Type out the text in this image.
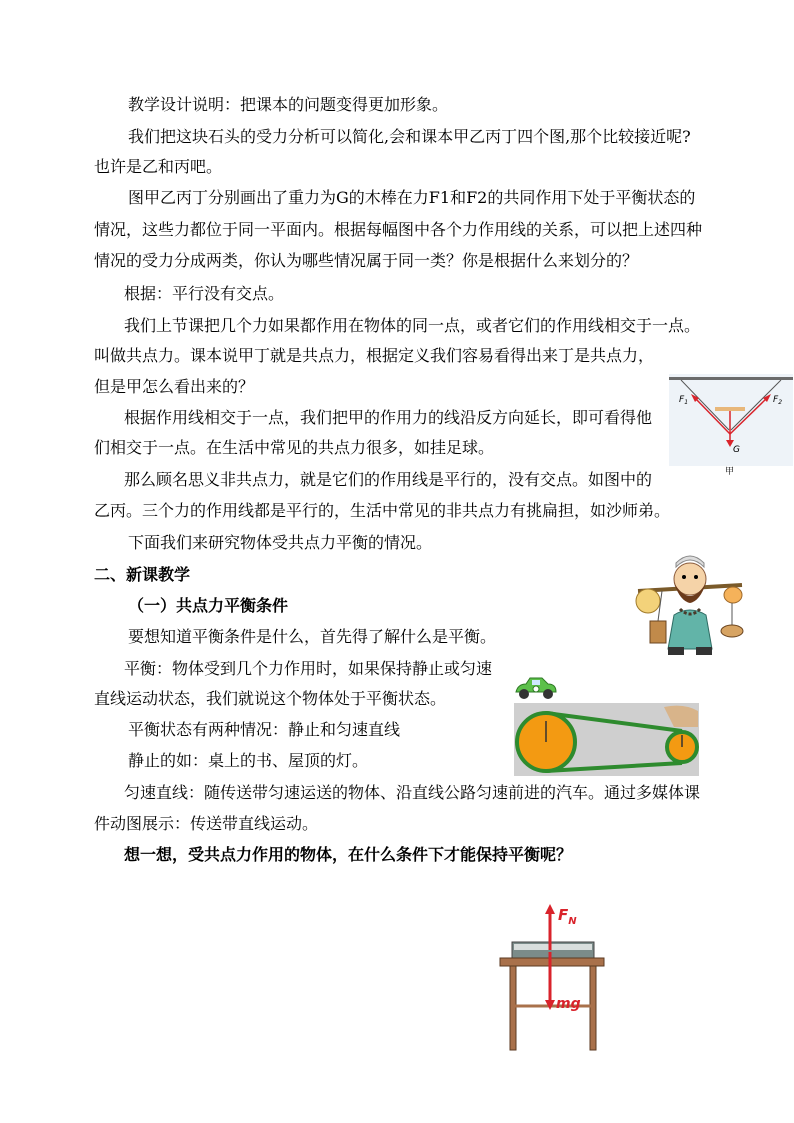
教学设计说明：把课本的问题变得更加形象。
我们把这块石头的受力分析可以简化,会和课本甲乙丙丁四个图,那个比较接近呢?
也许是乙和丙吧。
图甲乙丙丁分别画出了重力为G的木棒在力F1和F2的共同作用下处于平衡状态的
情况，这些力都位于同一平面内。根据每幅图中各个力作用线的关系，可以把上述四种
情况的受力分成两类，你认为哪些情况属于同一类？你是根据什么来划分的？
根据：平行没有交点。
我们上节课把几个力如果都作用在物体的同一点，或者它们的作用线相交于一点。
叫做共点力。课本说甲丁就是共点力，根据定义我们容易看得出来丁是共点力，
但是甲怎么看出来的？
根据作用线相交于一点，我们把甲的作用力的线沿反方向延长，即可看得他
们相交于一点。在生活中常见的共点力很多，如挂足球。
那么顾名思义非共点力，就是它们的作用线是平行的，没有交点。如图中的
乙丙。三个力的作用线都是平行的，生活中常见的非共点力有挑扁担，如沙师弟。
下面我们来研究物体受共点力平衡的情况。
二、新课教学
（一）共点力平衡条件
要想知道平衡条件是什么，首先得了解什么是平衡。
平衡：物体受到几个力作用时，如果保持静止或匀速
直线运动状态，我们就说这个物体处于平衡状态。
平衡状态有两种情况：静止和匀速直线
静止的如：桌上的书、屋顶的灯。
匀速直线：随传送带匀速运送的物体、沿直线公路匀速前进的汽车。通过多媒体课
件动图展示：传送带直线运动。
想一想，受共点力作用的物体，在什么条件下才能保持平衡呢？
$F_1$	$F_2$
G
甲
$F_N$
mg
